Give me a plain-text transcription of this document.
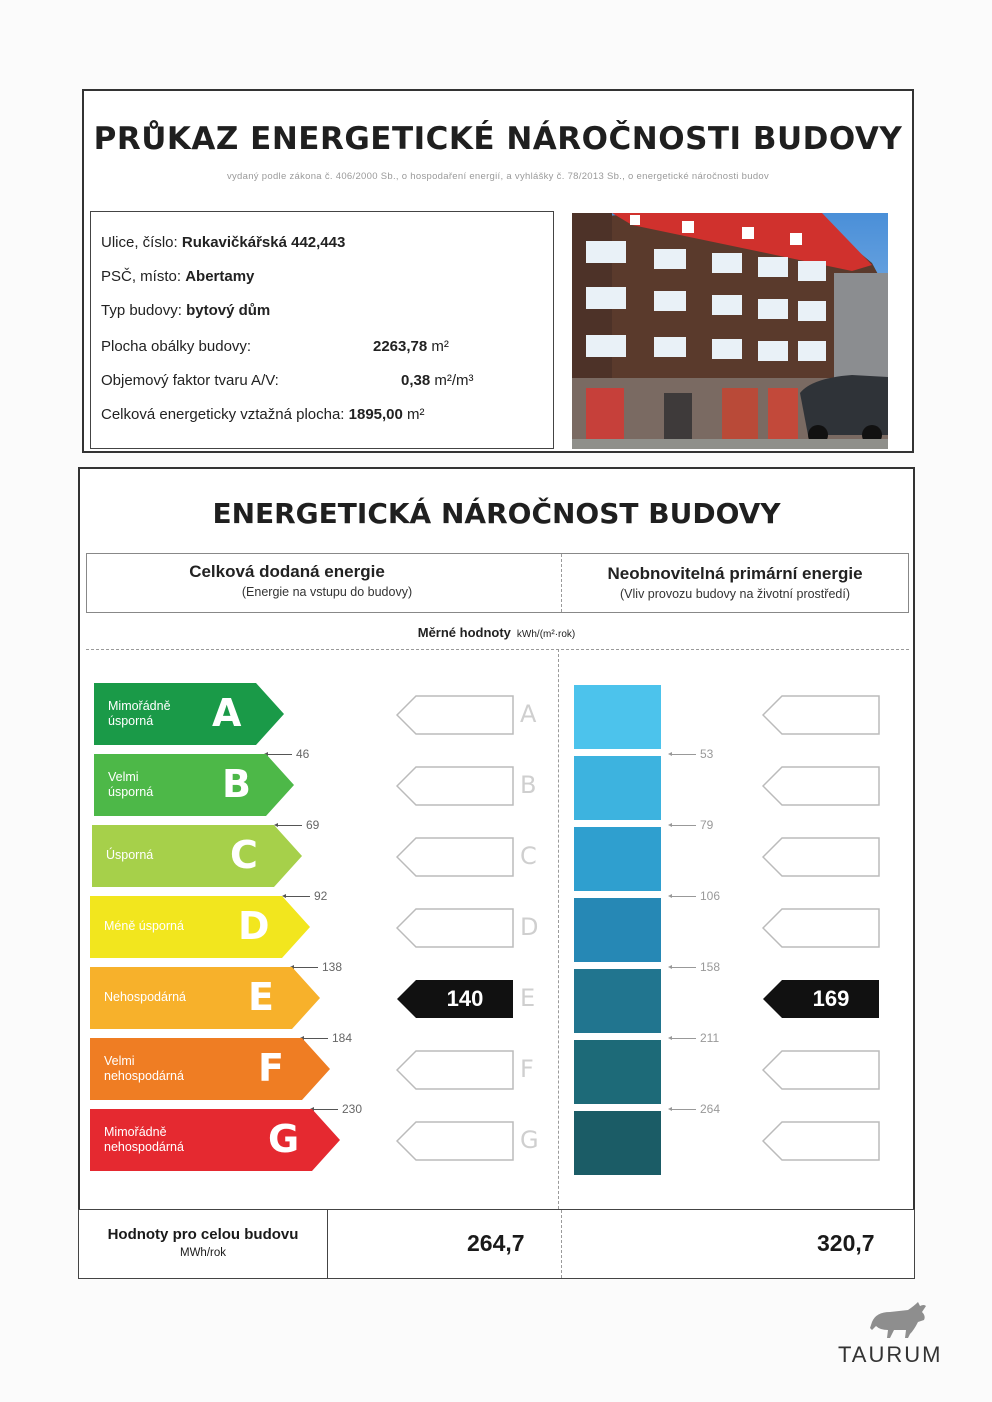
PRŮKAZ ENERGETICKÉ NÁROČNOSTI BUDOVY
vydaný podle zákona č. 406/2000 Sb., o hospodaření energií, a vyhlášky č. 78/2013 Sb., o energetické náročnosti budov
Ulice, číslo: Rukavičkářská 442,443
PSČ, místo: Abertamy
Typ budovy: bytový dům
Plocha obálky budovy:	2263,78 m²
Objemový faktor tvaru A/V:	0,38 m²/m³
Celková energeticky vztažná plocha: 1895,00 m²
ENERGETICKÁ NÁROČNOST BUDOVY
Celková dodaná energie
(Energie na vstupu do budovy)
Neobnovitelná primární energie
(Vliv provozu budovy na životní prostředí)
Měrné hodnoty kWh/(m²·rok)
Mimořádně
úsporná	A
46
A
53
Velmi
úsporná B
69
B
79
Úsporná C
92
C
106
Méně úsporná D
138
D
158
Nehospodárná E
184
140	E
211
169
Velmi
nehospodárná F
230
F
264
Mimořádně
nehospodárná G	G
Hodnoty pro celou budovu
MWh/rok	264,7	320,7
TAURUM
